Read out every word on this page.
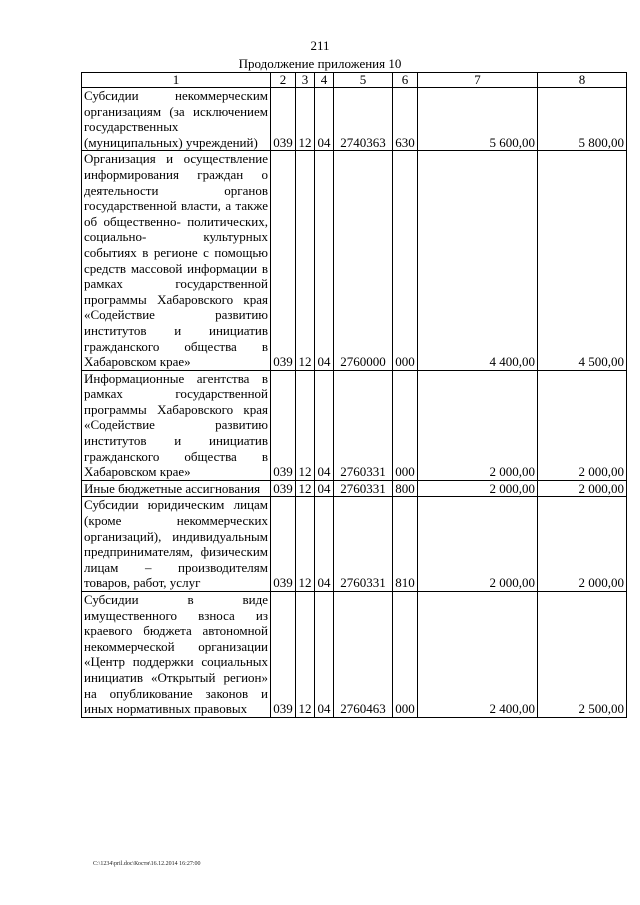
211
Продолжение приложения 10
1	2	3	4	5	6	7	8
Субсидии некоммерческим организациям (за исключением государственных (муниципальных) учреждений)	039	12	04	2740363	630	5 600,00	5 800,00
Организация и осуществление информирования граждан о деятельности органов государственной власти, а также об общественно- политических, социально- культурных событиях в регионе с помощью средств массовой информации в рамках государственной программы Хабаровского края «Содействие развитию институтов и инициатив гражданского общества в Хабаровском крае»	039	12	04	2760000	000	4 400,00	4 500,00
Информационные агентства в рамках государственной программы Хабаровского края «Содействие развитию институтов и инициатив гражданского общества в Хабаровском крае»	039	12	04	2760331	000	2 000,00	2 000,00
Иные бюджетные ассигнования	039	12	04	2760331	800	2 000,00	2 000,00
Субсидии юридическим лицам (кроме некоммерческих организаций), индивидуальным предпринимателям, физическим лицам – производителям товаров, работ, услуг	039	12	04	2760331	810	2 000,00	2 000,00
Субсидии в виде имущественного взноса из краевого бюджета автономной некоммерческой организации «Центр поддержки социальных инициатив «Открытый регион» на опубликование законов и иных нормативных правовых	039	12	04	2760463	000	2 400,00	2 500,00
C:\1234\pril.doc\Костя\16.12.2014 16:27:00
